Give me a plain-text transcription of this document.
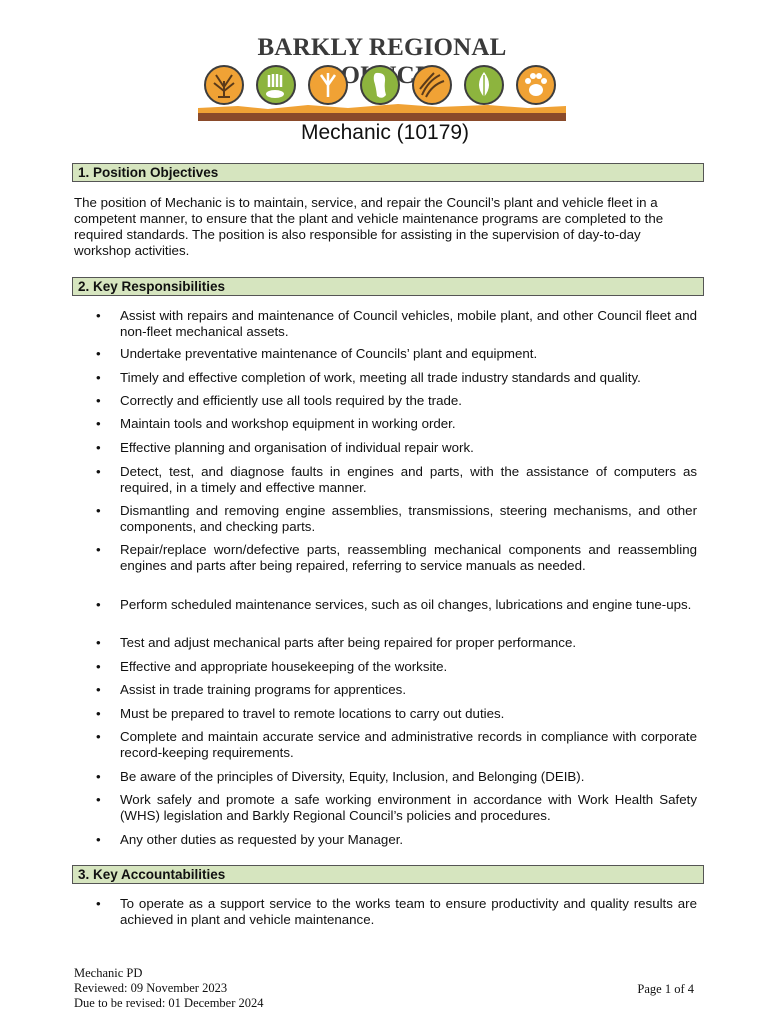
BARKLY REGIONAL
Mechanic (10179)
1. Position Objectives
The position of Mechanic is to maintain, service, and repair the Council’s plant and vehicle fleet in a competent manner, to ensure that the plant and vehicle maintenance programs are completed to the required standards. The position is also responsible for assisting in the supervision of day-to-day workshop activities.
2. Key Responsibilities
•	Assist with repairs and maintenance of Council vehicles, mobile plant, and other Council fleet and non-fleet mechanical assets.
•	Undertake preventative maintenance of Councils’ plant and equipment.
•	Timely and effective completion of work, meeting all trade industry standards and quality.
•	Correctly and efficiently use all tools required by the trade.
•	Maintain tools and workshop equipment in working order.
•	Effective planning and organisation of individual repair work.
•	Detect, test, and diagnose faults in engines and parts, with the assistance of computers as required, in a timely and effective manner.
•	Dismantling and removing engine assemblies, transmissions, steering mechanisms, and other components, and checking parts.
•	Repair/replace worn/defective parts, reassembling mechanical components and reassembling engines and parts after being repaired, referring to service manuals as needed.
•	Perform scheduled maintenance services, such as oil changes, lubrications and engine tune-ups.
•	Test and adjust mechanical parts after being repaired for proper performance.
•	Effective and appropriate housekeeping of the worksite.
•	Assist in trade training programs for apprentices.
•	Must be prepared to travel to remote locations to carry out duties.
•	Complete and maintain accurate service and administrative records in compliance with corporate record-keeping requirements.
•	Be aware of the principles of Diversity, Equity, Inclusion, and Belonging (DEIB).
•	Work safely and promote a safe working environment in accordance with Work Health Safety (WHS) legislation and Barkly Regional Council’s policies and procedures.
•	Any other duties as requested by your Manager.
3. Key Accountabilities
•	To operate as a support service to the works team to ensure productivity and quality results are achieved in plant and vehicle maintenance.
Mechanic PD
Reviewed: 09 November 2023
Due to be revised: 01 December 2024
Page 1 of 4
